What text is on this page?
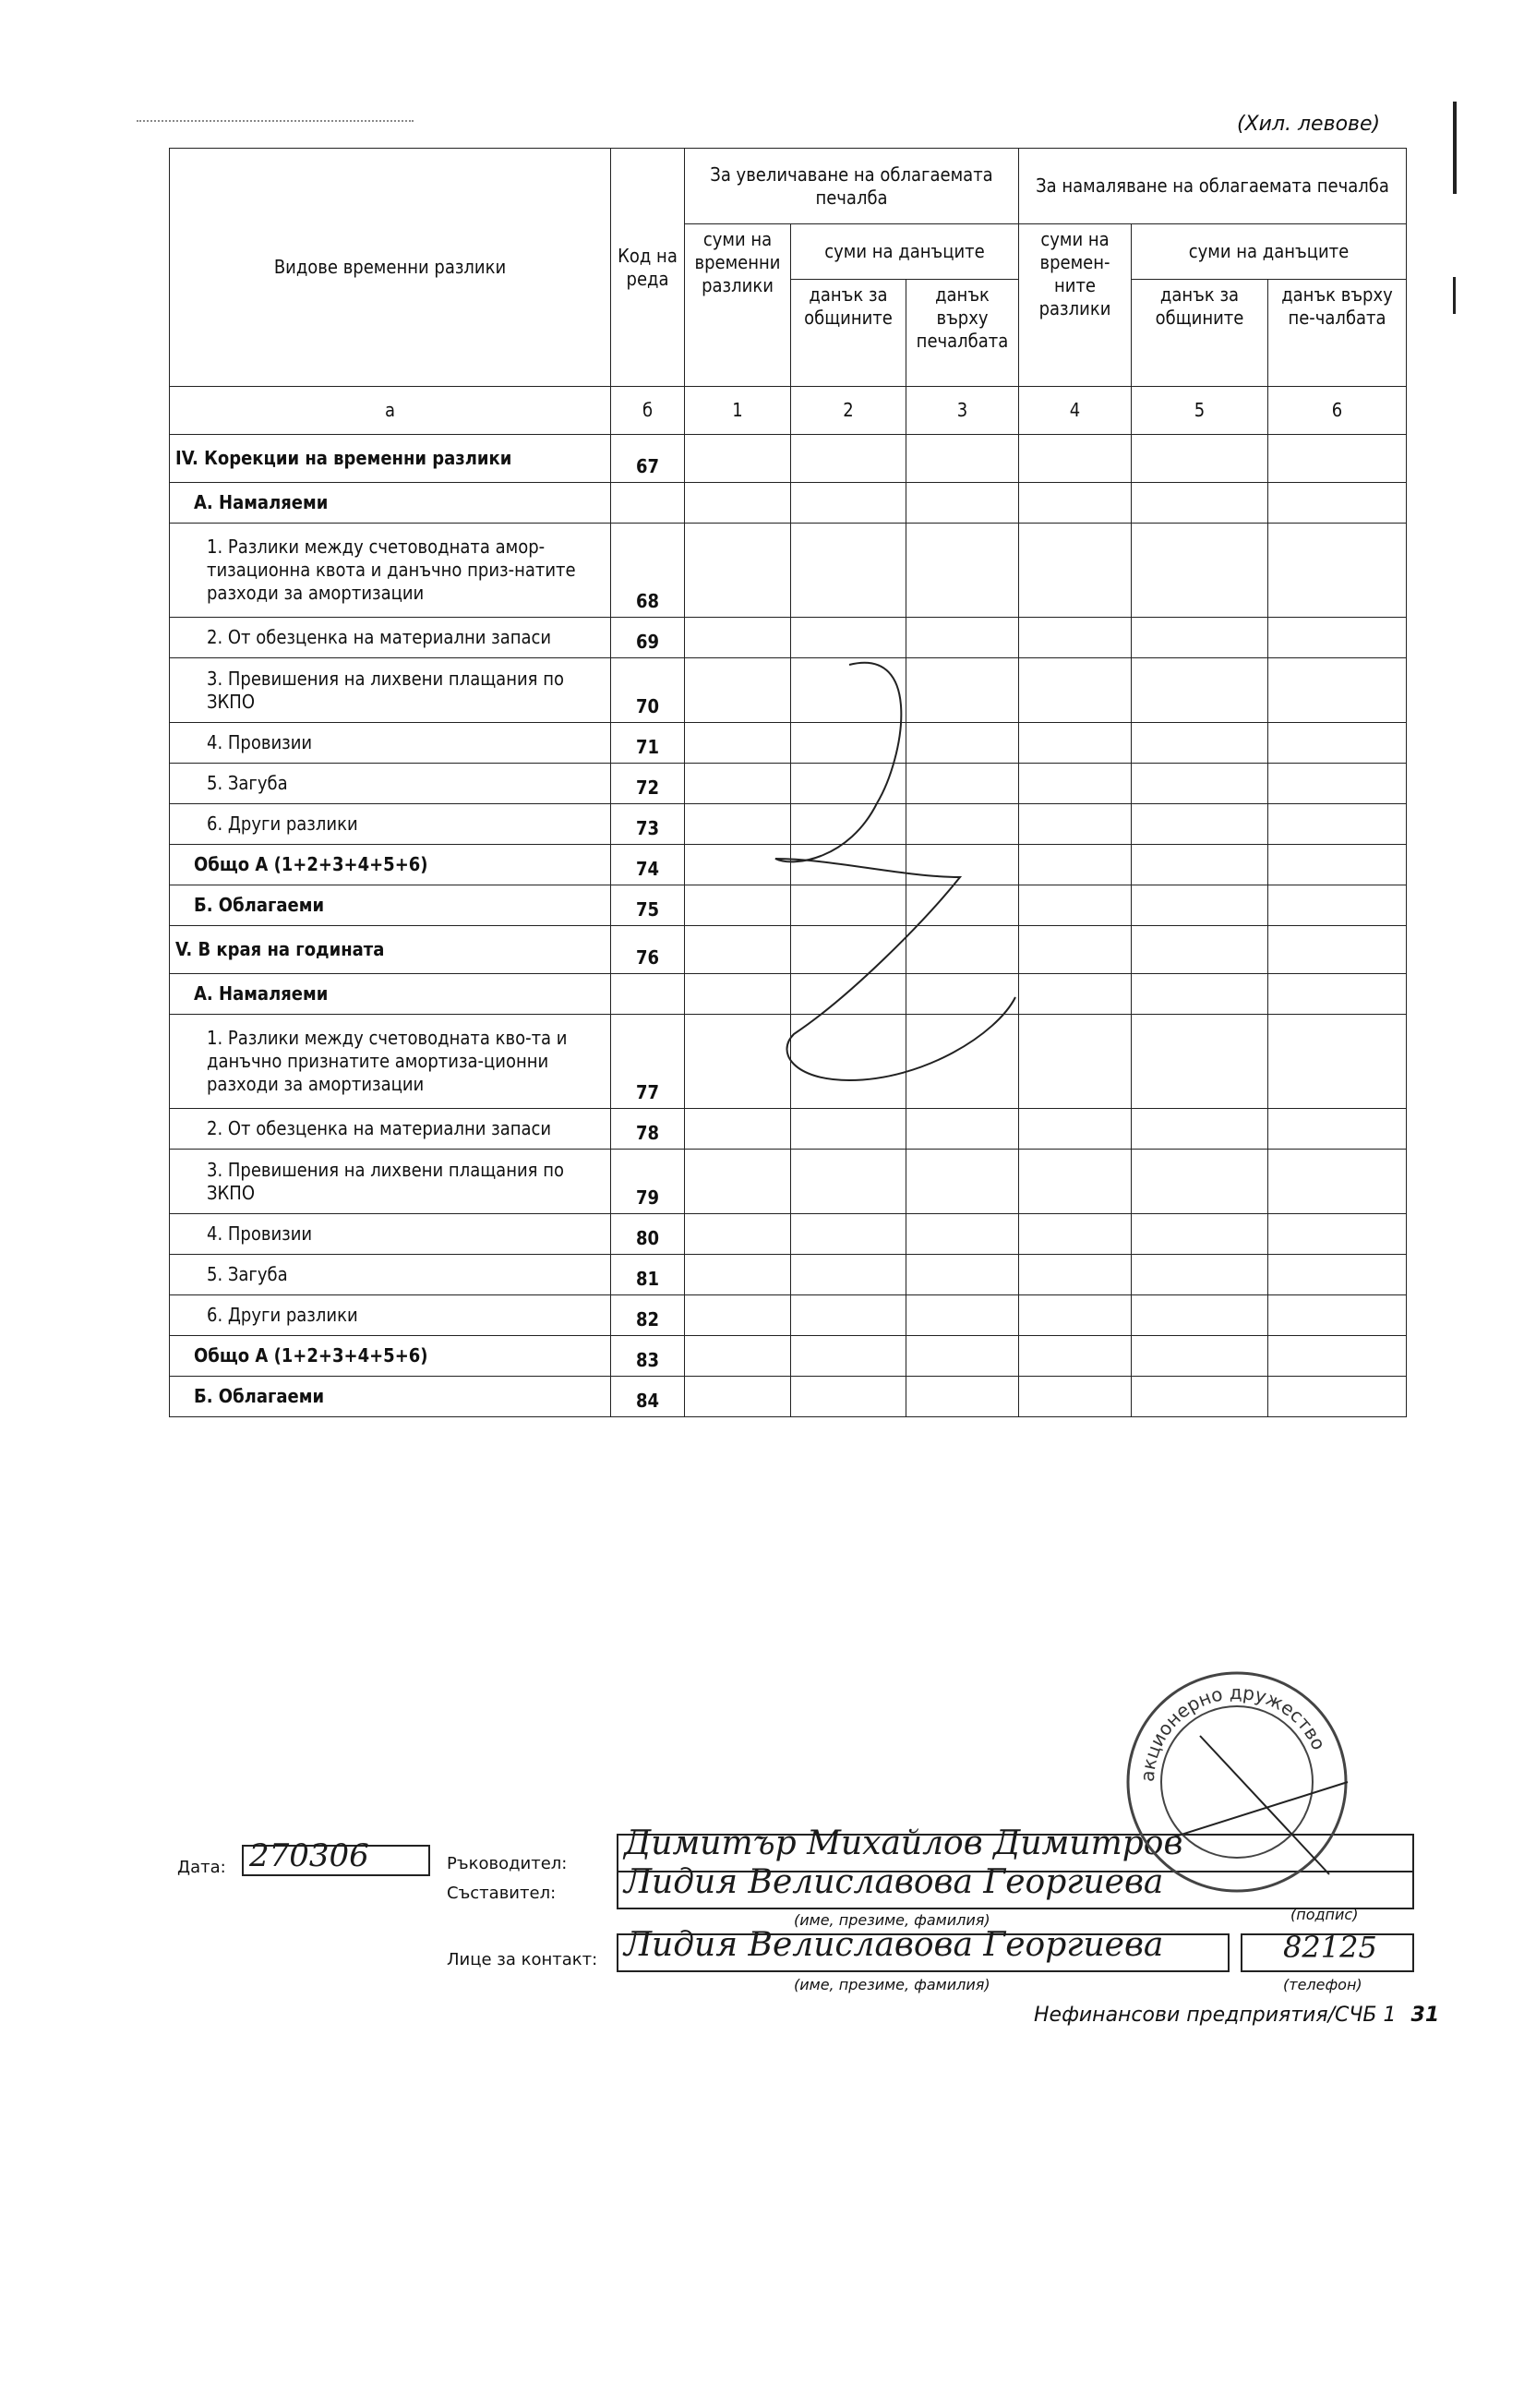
(Хил. левове)
Видове временни разлики	Код на реда	За увеличаване на облагаемата печалба			За намаляване на облагаемата печалба		
		суми на временни разлики	суми на данъците		суми на времен-ните разлики	суми на данъците	
			данък за общините	данък върху печалбата		данък за общините	данък върху пе-чалбата
а	б	1	2	3	4	5	6
IV. Корекции на временни разлики	67						
А. Намаляеми							
1. Разлики между счетоводната амор-тизационна квота и данъчно приз-натите разходи за амортизации	68						
2. От обезценка на материални запаси	69						
3. Превишения на лихвени плащания по ЗКПО	70						
4. Провизии	71						
5. Загуба	72						
6. Други разлики	73						
Общо А (1+2+3+4+5+6)	74						
Б. Облагаеми	75						
V. В края на годината	76						
А. Намаляеми							
1. Разлики между счетоводната кво-та и данъчно признатите амортиза-ционни разходи за амортизации	77						
2. От обезценка на материални запаси	78						
3. Превишения на лихвени плащания по ЗКПО	79						
4. Провизии	80						
5. Загуба	81						
6. Други разлики	82						
Общо А (1+2+3+4+5+6)	83						
Б. Облагаеми	84						
Дата: 270306	Ръководител:
Димитър Михайлов Димитров
Съставител: Лидия Велиславова Георгиева
(име, презиме, фамилия)	(подпис)
Лице за контакт: Лидия Велиславова Георгиева	82125
(име, презиме, фамилия)	(телефон)
акционерно дружество
Нефинансови предприятия/СЧБ 1 31
